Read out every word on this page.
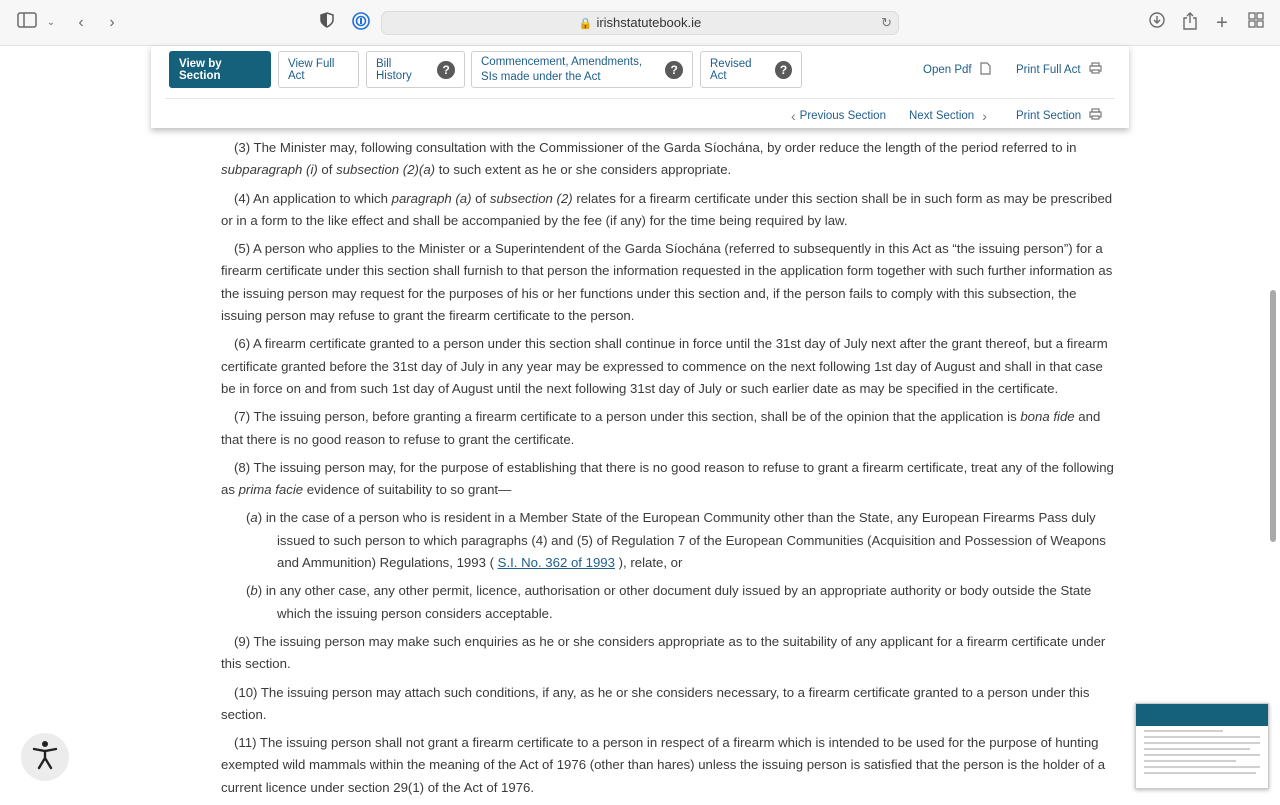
⌄	‹	›	🔒 irishstatutebook.ie	↻	+
View by Section
View Full Act
Bill History	?
Commencement, Amendments, SIs made under the Act	?	Revised Act	?	Open Pdf	Print Full Act
‹ Previous Section Next Section ›	Print Section

(3) The Minister may, following consultation with the Commissioner of the Garda Síochána, by order reduce the length of the period referred to in subparagraph (i) of subsection (2)(a) to such extent as he or she considers appropriate.

(4) An application to which paragraph (a) of subsection (2) relates for a firearm certificate under this section shall be in such form as may be prescribed or in a form to the like effect and shall be accompanied by the fee (if any) for the time being required by law.

(5) A person who applies to the Minister or a Superintendent of the Garda Síochána (referred to subsequently in this Act as “the issuing person”) for a firearm certificate under this section shall furnish to that person the information requested in the application form together with such further information as the issuing person may request for the purposes of his or her functions under this section and, if the person fails to comply with this subsection, the issuing person may refuse to grant the firearm certificate to the person.

(6) A firearm certificate granted to a person under this section shall continue in force until the 31st day of July next after the grant thereof, but a firearm certificate granted before the 31st day of July in any year may be expressed to commence on the next following 1st day of August and shall in that case be in force on and from such 1st day of August until the next following 31st day of July or such earlier date as may be specified in the certificate.

(7) The issuing person, before granting a firearm certificate to a person under this section, shall be of the opinion that the application is bona fide and that there is no good reason to refuse to grant the certificate.

(8) The issuing person may, for the purpose of establishing that there is no good reason to refuse to grant a firearm certificate, treat any of the following as prima facie evidence of suitability to so grant—

(a) in the case of a person who is resident in a Member State of the European Community other than the State, any European Firearms Pass duly issued to such person to which paragraphs (4) and (5) of Regulation 7 of the European Communities (Acquisition and Possession of Weapons and Ammunition) Regulations, 1993 ( S.I. No. 362 of 1993 ), relate, or

(b) in any other case, any other permit, licence, authorisation or other document duly issued by an appropriate authority or body outside the State which the issuing person considers acceptable.

(9) The issuing person may make such enquiries as he or she considers appropriate as to the suitability of any applicant for a firearm certificate under this section.

(10) The issuing person may attach such conditions, if any, as he or she considers necessary, to a firearm certificate granted to a person under this section.

(11) The issuing person shall not grant a firearm certificate to a person in respect of a firearm which is intended to be used for the purpose of hunting exempted wild mammals within the meaning of the Act of 1976 (other than hares) unless the issuing person is satisfied that the person is the holder of a current licence under section 29(1) of the Act of 1976.
